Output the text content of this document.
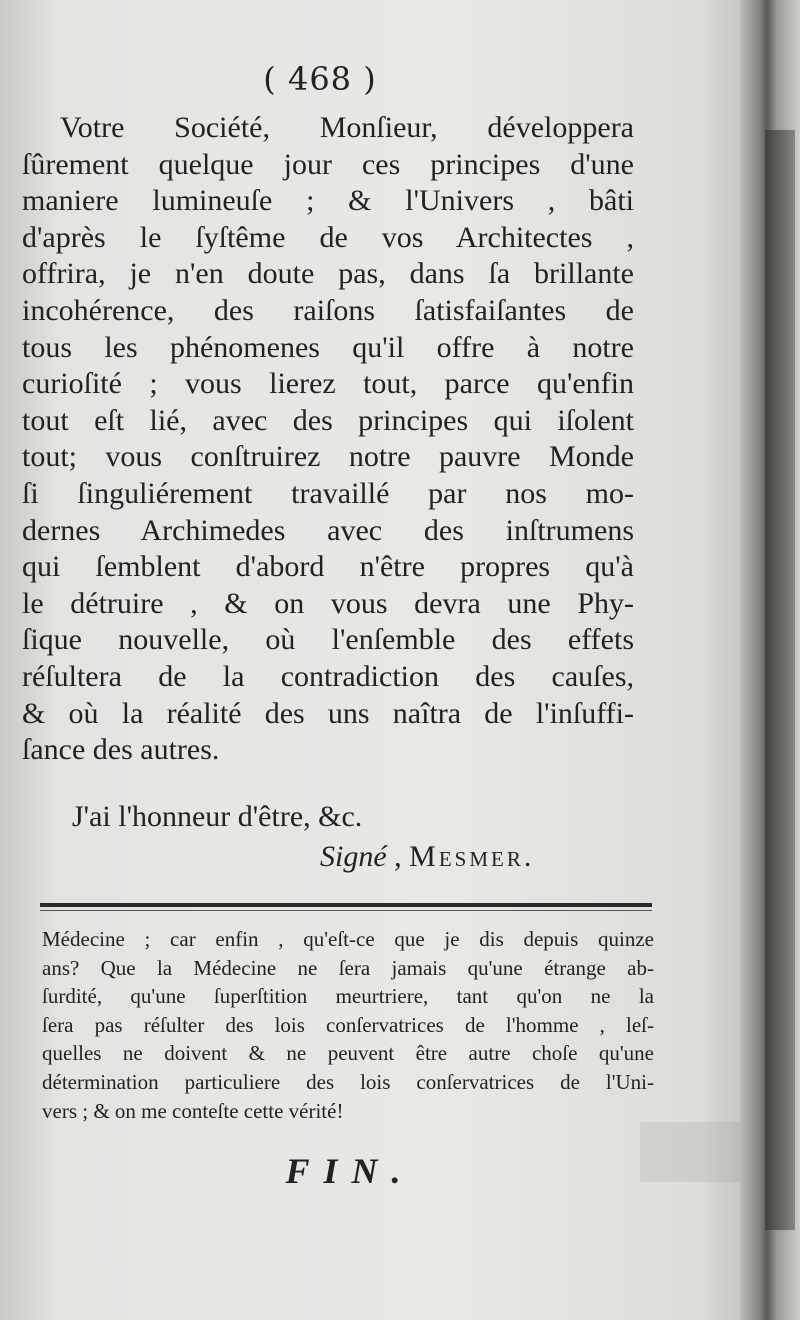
( 468 )
Votre Société, Monſieur, développera
ſûrement quelque jour ces principes d'une
maniere lumineuſe ; & l'Univers , bâti
d'après le ſyſtême de vos Architectes ,
offrira, je n'en doute pas, dans ſa brillante
incohérence, des raiſons ſatisfaiſantes de
tous les phénomenes qu'il offre à notre
curioſité ; vous lierez tout, parce qu'enfin
tout eſt lié, avec des principes qui iſolent
tout; vous conſtruirez notre pauvre Monde
ſi ſinguliérement travaillé par nos mo-
dernes Archimedes avec des inſtrumens
qui ſemblent d'abord n'être propres qu'à
le détruire , & on vous devra une Phy-
ſique nouvelle, où l'enſemble des effets
réſultera de la contradiction des cauſes,
& où la réalité des uns naîtra de l'inſuffi-
ſance des autres.
J'ai l'honneur d'être, &c.
Signé , Mesmer.
Médecine ; car enfin , qu'eſt-ce que je dis depuis quinze
ans? Que la Médecine ne ſera jamais qu'une étrange ab-
ſurdité, qu'une ſuperſtition meurtriere, tant qu'on ne la
ſera pas réſulter des lois conſervatrices de l'homme , leſ-
quelles ne doivent & ne peuvent être autre choſe qu'une
détermination particuliere des lois conſervatrices de l'Uni-
vers ; & on me conteſte cette vérité!
FIN.
